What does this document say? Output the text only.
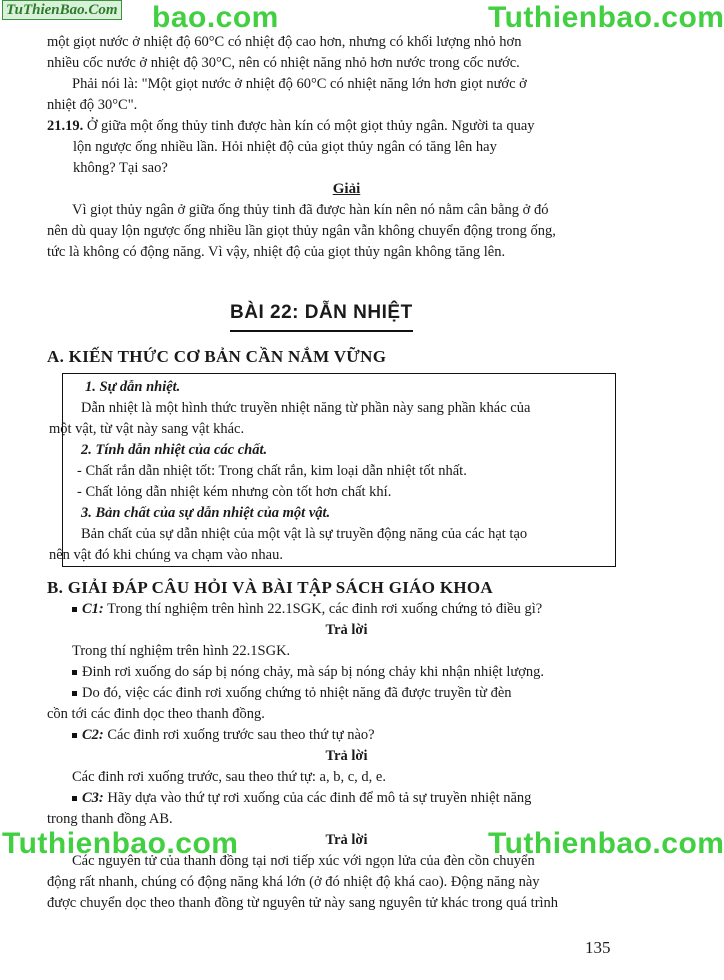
TuThienBao.Com bao.com	Tuthienbao.com
Tuthienbao.com	Tuthienbao.com
một giọt nước ở nhiệt độ 60°C có nhiệt độ cao hơn, nhưng có khối lượng nhỏ hơn
nhiều cốc nước ở nhiệt độ 30°C, nên có nhiệt năng nhỏ hơn nước trong cốc nước.
Phải nói là: "Một giọt nước ở nhiệt độ 60°C có nhiệt năng lớn hơn giọt nước ở
nhiệt độ 30°C".
21.19. Ở giữa một ống thủy tinh được hàn kín có một giọt thủy ngân. Người ta quay
lộn ngược ống nhiều lần. Hỏi nhiệt độ của giọt thủy ngân có tăng lên hay
không? Tại sao?
Giải
Vì giọt thủy ngân ở giữa ống thủy tinh đã được hàn kín nên nó nằm cân bằng ở đó
nên dù quay lộn ngược ống nhiều lần giọt thủy ngân vẫn không chuyển động trong ống,
tức là không có động năng. Vì vậy, nhiệt độ của giọt thủy ngân không tăng lên.
BÀI 22: DẪN NHIỆT
A. KIẾN THỨC CƠ BẢN CẦN NẮM VỮNG
1. Sự dẫn nhiệt.
Dẫn nhiệt là một hình thức truyền nhiệt năng từ phần này sang phần khác của
một vật, từ vật này sang vật khác.
2. Tính dẫn nhiệt của các chất.
- Chất rắn dẫn nhiệt tốt: Trong chất rắn, kim loại dẫn nhiệt tốt nhất.
- Chất lỏng dẫn nhiệt kém nhưng còn tốt hơn chất khí.
3. Bản chất của sự dẫn nhiệt của một vật.
Bản chất của sự dẫn nhiệt của một vật là sự truyền động năng của các hạt tạo
nên vật đó khi chúng va chạm vào nhau.
B. GIẢI ĐÁP CÂU HỎI VÀ BÀI TẬP SÁCH GIÁO KHOA
C1: Trong thí nghiệm trên hình 22.1SGK, các đinh rơi xuống chứng tỏ điều gì?
Trả lời
Trong thí nghiệm trên hình 22.1SGK.
Đinh rơi xuống do sáp bị nóng chảy, mà sáp bị nóng chảy khi nhận nhiệt lượng.
Do đó, việc các đinh rơi xuống chứng tỏ nhiệt năng đã được truyền từ đèn
cồn tới các đinh dọc theo thanh đồng.
C2: Các đinh rơi xuống trước sau theo thứ tự nào?
Trả lời
Các đinh rơi xuống trước, sau theo thứ tự: a, b, c, d, e.
C3: Hãy dựa vào thứ tự rơi xuống của các đinh để mô tả sự truyền nhiệt năng
trong thanh đồng AB.
Trả lời
Các nguyên tử của thanh đồng tại nơi tiếp xúc với ngọn lửa của đèn cồn chuyển
động rất nhanh, chúng có động năng khá lớn (ở đó nhiệt độ khá cao). Động năng này
được chuyển dọc theo thanh đồng từ nguyên tử này sang nguyên tử khác trong quá trình
135
